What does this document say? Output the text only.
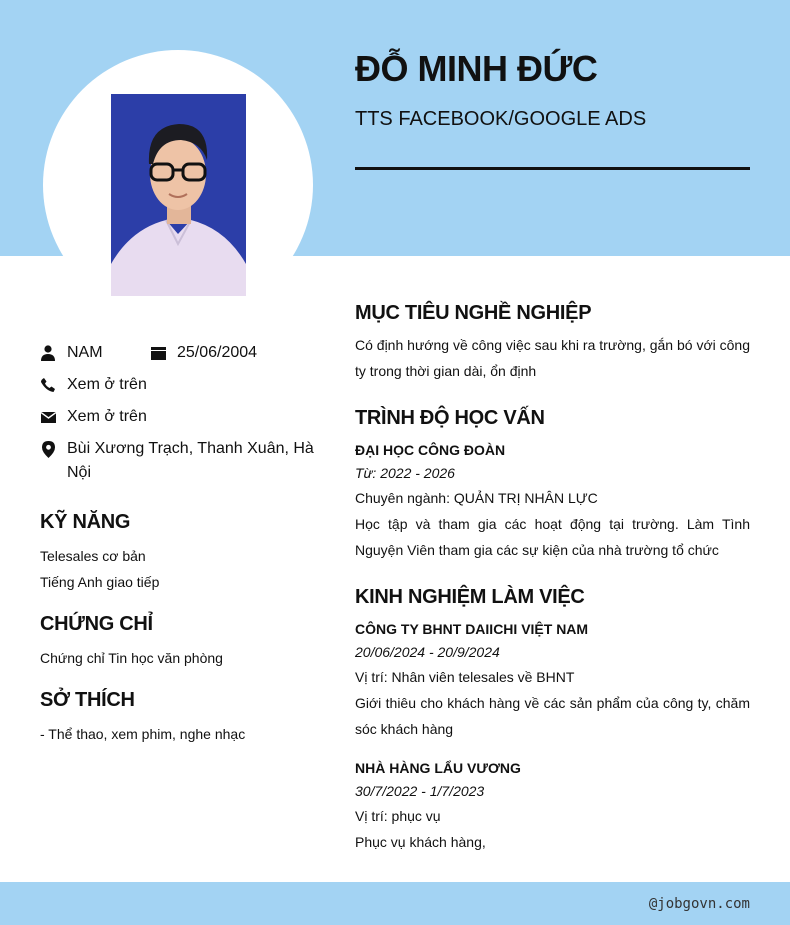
ĐỖ MINH ĐỨC
TTS FACEBOOK/GOOGLE ADS
NAM	25/06/2004
Xem ở trên
Xem ở trên
Bùi Xương Trạch, Thanh Xuân, Hà Nội
KỸ NĂNG

Telesales cơ bản

Tiếng Anh giao tiếp

CHỨNG CHỈ

Chứng chỉ Tin học văn phòng

SỞ THÍCH

- Thể thao, xem phim, nghe nhạc

MỤC TIÊU NGHỀ NGHIỆP

Có định hướng về công việc sau khi ra trường, gắn bó với công ty trong thời gian dài, ổn định

TRÌNH ĐỘ HỌC VẤN

ĐẠI HỌC CÔNG ĐOÀN

Từ: 2022 - 2026

Chuyên ngành: QUẢN TRỊ NHÂN LỰC

Học tập và tham gia các hoạt động tại trường. Làm Tình Nguyện Viên tham gia các sự kiện của nhà trường tổ chức

KINH NGHIỆM LÀM VIỆC

CÔNG TY BHNT DAIICHI VIỆT NAM

20/06/2024 - 20/9/2024

Vị trí: Nhân viên telesales về BHNT

Giới thiêu cho khách hàng về các sản phẩm của công ty, chăm sóc khách hàng

NHÀ HÀNG LẨU VƯƠNG

30/7/2022 - 1/7/2023

Vị trí: phục vụ

Phục vụ khách hàng,

@jobgovn.com
